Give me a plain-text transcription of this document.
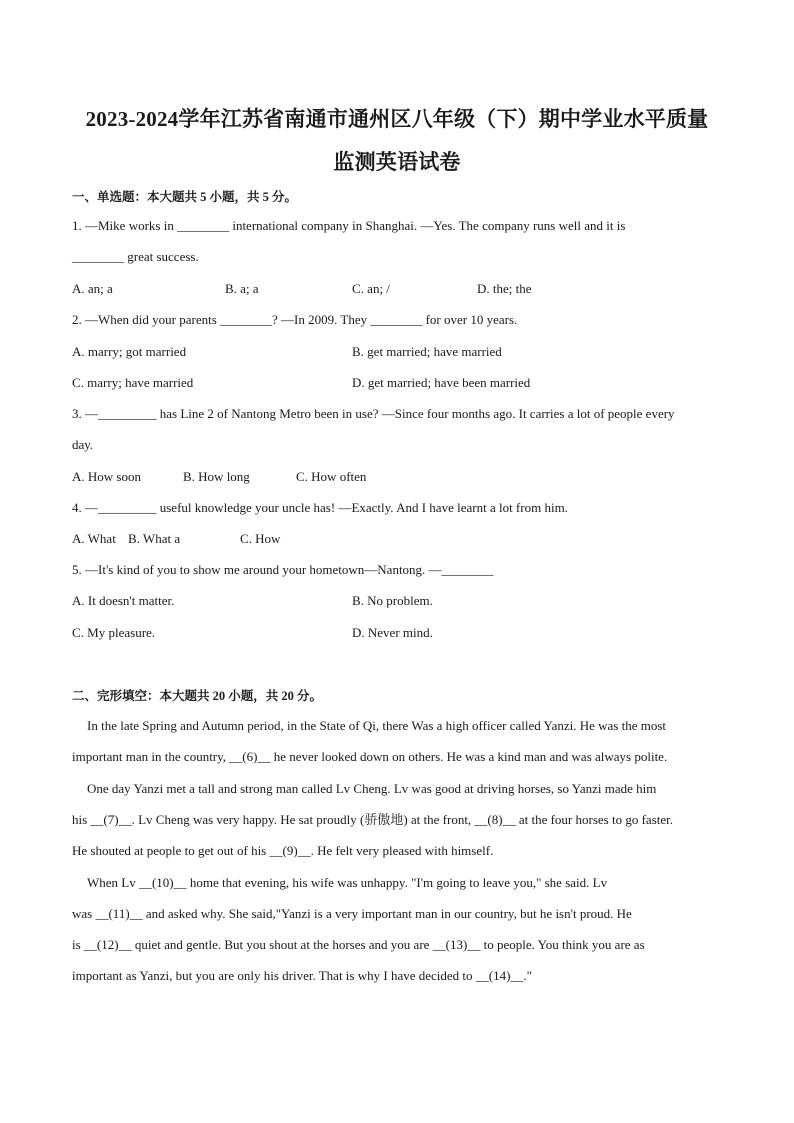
2023-2024学年江苏省南通市通州区八年级（下）期中学业水平质量
监测英语试卷
一、单选题：本大题共 5 小题，共 5 分。
1. —Mike works in ________ international company in Shanghai. —Yes. The company runs well and it is
________ great success.
A. an; a	B. a; a	C. an; /	D. the; the
2. —When did your parents ________? —In 2009. They ________ for over 10 years.
A. marry; got married	B. get married; have married
C. marry; have married	D. get married; have been married
3. —_________ has Line 2 of Nantong Metro been in use? —Since four months ago. It carries a lot of people every
day.
A. How soon	B. How long	C. How often
4. —_________ useful knowledge your uncle has! —Exactly. And I have learnt a lot from him.
A. What B. What a	C. How
5. —It's kind of you to show me around your hometown—Nantong. —________
A. It doesn't matter.	B. No problem.
C. My pleasure.	D. Never mind.
二、完形填空：本大题共 20 小题，共 20 分。
In the late Spring and Autumn period, in the State of Qi, there Was a high officer called Yanzi. He was the most
important man in the country, __(6)__ he never looked down on others. He was a kind man and was always polite.
One day Yanzi met a tall and strong man called Lv Cheng. Lv was good at driving horses, so Yanzi made him
his __(7)__. Lv Cheng was very happy. He sat proudly (骄傲地) at the front, __(8)__ at the four horses to go faster.
He shouted at people to get out of his __(9)__. He felt very pleased with himself.
When Lv __(10)__ home that evening, his wife was unhappy. "I'm going to leave you," she said. Lv
was __(11)__ and asked why. She said,"Yanzi is a very important man in our country, but he isn't proud. He
is __(12)__ quiet and gentle. But you shout at the horses and you are __(13)__ to people. You think you are as
important as Yanzi, but you are only his driver. That is why I have decided to __(14)__."
